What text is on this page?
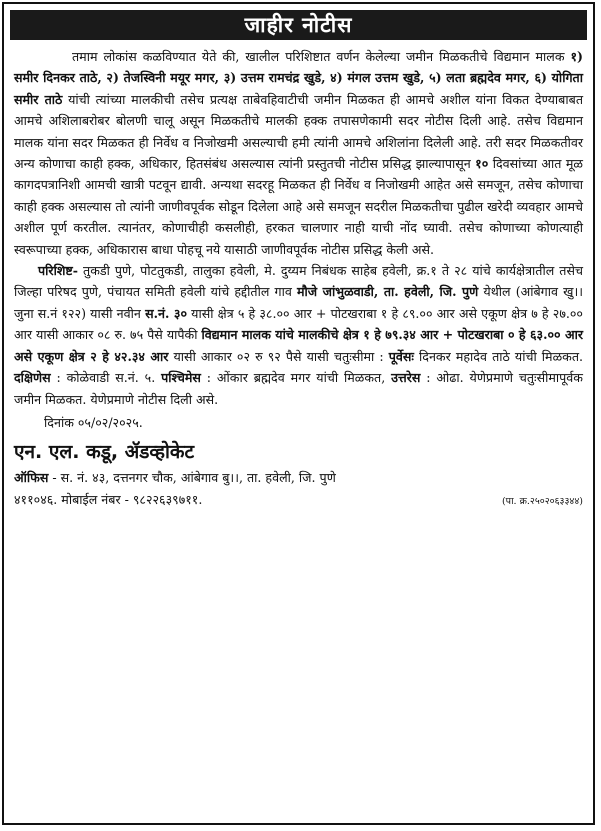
जाहीर नोटीस

तमाम लोकांस कळविण्यात येते की, खालील परिशिष्टात वर्णन केलेल्या जमीन मिळकतीचे विद्यमान मालक १) समीर दिनकर ताठे, २) तेजस्विनी मयूर मगर, ३) उत्तम रामचंद्र खुडे, ४) मंगल उत्तम खुडे, ५) लता ब्रह्मदेव मगर, ६) योगिता समीर ताठे यांची त्यांच्या मालकीची तसेच प्रत्यक्ष ताबेवहिवाटीची जमीन मिळकत ही आमचे अशील यांना विकत देण्याबाबत आमचे अशिलाबरोबर बोलणी चालू असून मिळकतीचे मालकी हक्क तपासणेकामी सदर नोटीस दिली आहे. तसेच विद्यमान मालक यांना सदर मिळकत ही निर्वेध व निजोखमी असल्याची हमी त्यांनी आमचे अशिलांना दिलेली आहे. तरी सदर मिळकतीवर अन्य कोणाचा काही हक्क, अधिकार, हितसंबंध असल्यास त्यांनी प्रस्तुतची नोटीस प्रसिद्ध झाल्यापासून १० दिवसांच्या आत मूळ कागदपत्रानिशी आमची खात्री पटवून द्यावी. अन्यथा सदरहू मिळकत ही निर्वेध व निजोखमी आहेत असे समजून, तसेच कोणाचा काही हक्क असल्यास तो त्यांनी जाणीवपूर्वक सोडून दिलेला आहे असे समजून सदरील मिळकतीचा पुढील खरेदी व्यवहार आमचे अशील पूर्ण करतील. त्यानंतर, कोणाचीही कसलीही, हरकत चालणार नाही याची नोंद घ्यावी. तसेच कोणाच्या कोणत्याही स्वरूपाच्या हक्क, अधिकारास बाधा पोहचू नये यासाठी जाणीवपूर्वक नोटीस प्रसिद्ध केली असे.

परिशिष्ट- तुकडी पुणे, पोटतुकडी, तालुका हवेली, मे. दुय्यम निबंधक साहेब हवेली, क्र.१ ते २८ यांचे कार्यक्षेत्रातील तसेच जिल्हा परिषद पुणे, पंचायत समिती हवेली यांचे हद्दीतील गाव मौजे जांभुळवाडी, ता. हवेली, जि. पुणे येथील (आंबेगाव खु।। जुना स.नं १२२) यासी नवीन स.नं. ३० यासी क्षेत्र ५ हे ३८.०० आर + पोटखराबा १ हे ८९.०० आर असे एकूण क्षेत्र ७ हे २७.०० आर यासी आकार ०८ रु. ७५ पैसे यापैकी विद्यमान मालक यांचे मालकीचे क्षेत्र १ हे ७९.३४ आर + पोटखराबा ० हे ६३.०० आर असे एकूण क्षेत्र २ हे ४२.३४ आर यासी आकार ०२ रु ९२ पैसे यासी चतुःसीमा : पूर्वेसः दिनकर महादेव ताठे यांची मिळकत. दक्षिणेस : कोळेवाडी स.नं. ५. पश्चिमेस : ओंकार ब्रह्मदेव मगर यांची मिळकत, उत्तरेस : ओढा. येणेप्रमाणे चतुःसीमापूर्वक जमीन मिळकत. येणेप्रमाणे नोटीस दिली असे.

दिनांक ०५/०२/२०२५.
एन. एल. कडू, ॲडव्होकेट
ऑफिस - स. नं. ४३, दत्तनगर चौक, आंबेगाव बु।।, ता. हवेली, जि. पुणे
४११०४६. मोबाईल नंबर - ९८२२६३९७११.	(पा. क्र.२५०२०६३३४४)
